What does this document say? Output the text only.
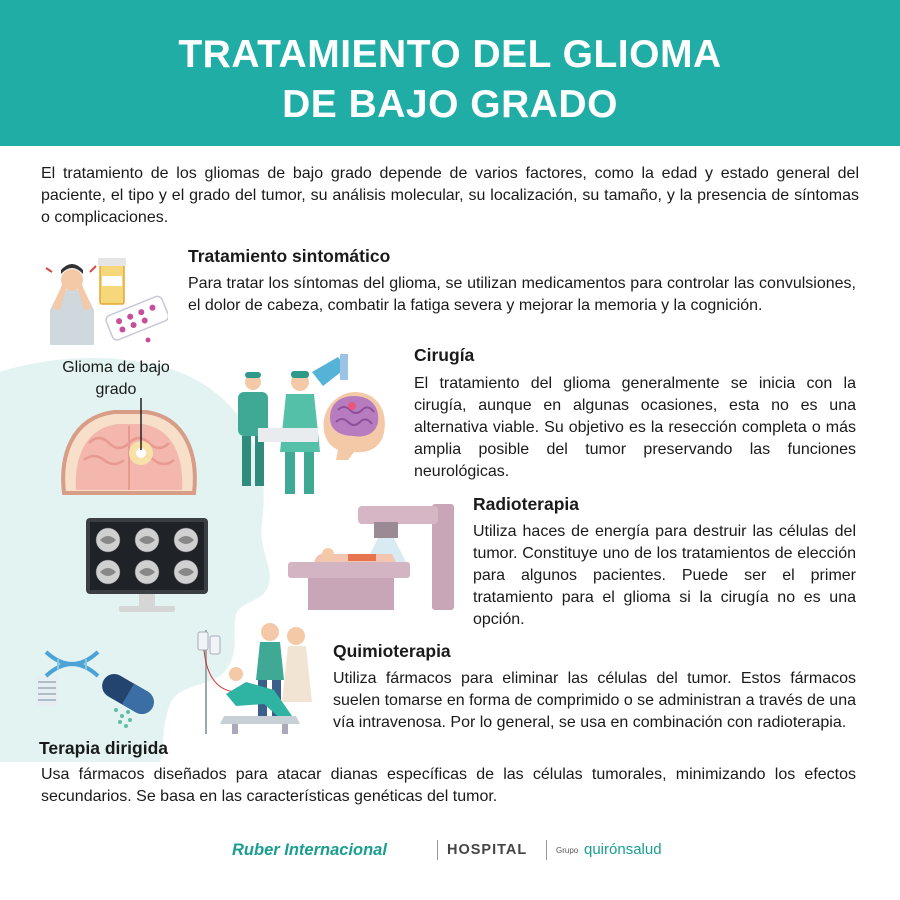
TRATAMIENTO DEL GLIOMA
DE BAJO GRADO

El tratamiento de los gliomas de bajo grado depende de varios factores, como la edad y estado general del paciente, el tipo y el grado del tumor, su análisis molecular, su localización, su tamaño, y la presencia de síntomas o complicaciones.

Tratamiento sintomático

Para tratar los síntomas del glioma, se utilizan medicamentos para controlar las convulsiones, el dolor de cabeza, combatir la fatiga severa y mejorar la memoria y la cognición.

Glioma de bajo grado
Cirugía

El tratamiento del glioma generalmente se inicia con la cirugía, aunque en algunas ocasiones, esta no es una alternativa viable. Su objetivo es la resección completa o más amplia posible del tumor preservando las funciones neurológicas.

Radioterapia

Utiliza haces de energía para destruir las células del tumor. Constituye uno de los tratamientos de elección para algunos pacientes. Puede ser el primer tratamiento para el glioma si la cirugía no es una opción.

Quimioterapia

Utiliza fármacos para eliminar las células del tumor. Estos fármacos suelen tomarse en forma de comprimido o se administran a través de una vía intravenosa. Por lo general, se usa en combinación con radioterapia.

Terapia dirigida

Usa fármacos diseñados para atacar dianas específicas de las células tumorales, minimizando los efectos secundarios. Se basa en las características genéticas del tumor.

Ruber Internacional	HOSPITAL	Grupo quirónsalud
